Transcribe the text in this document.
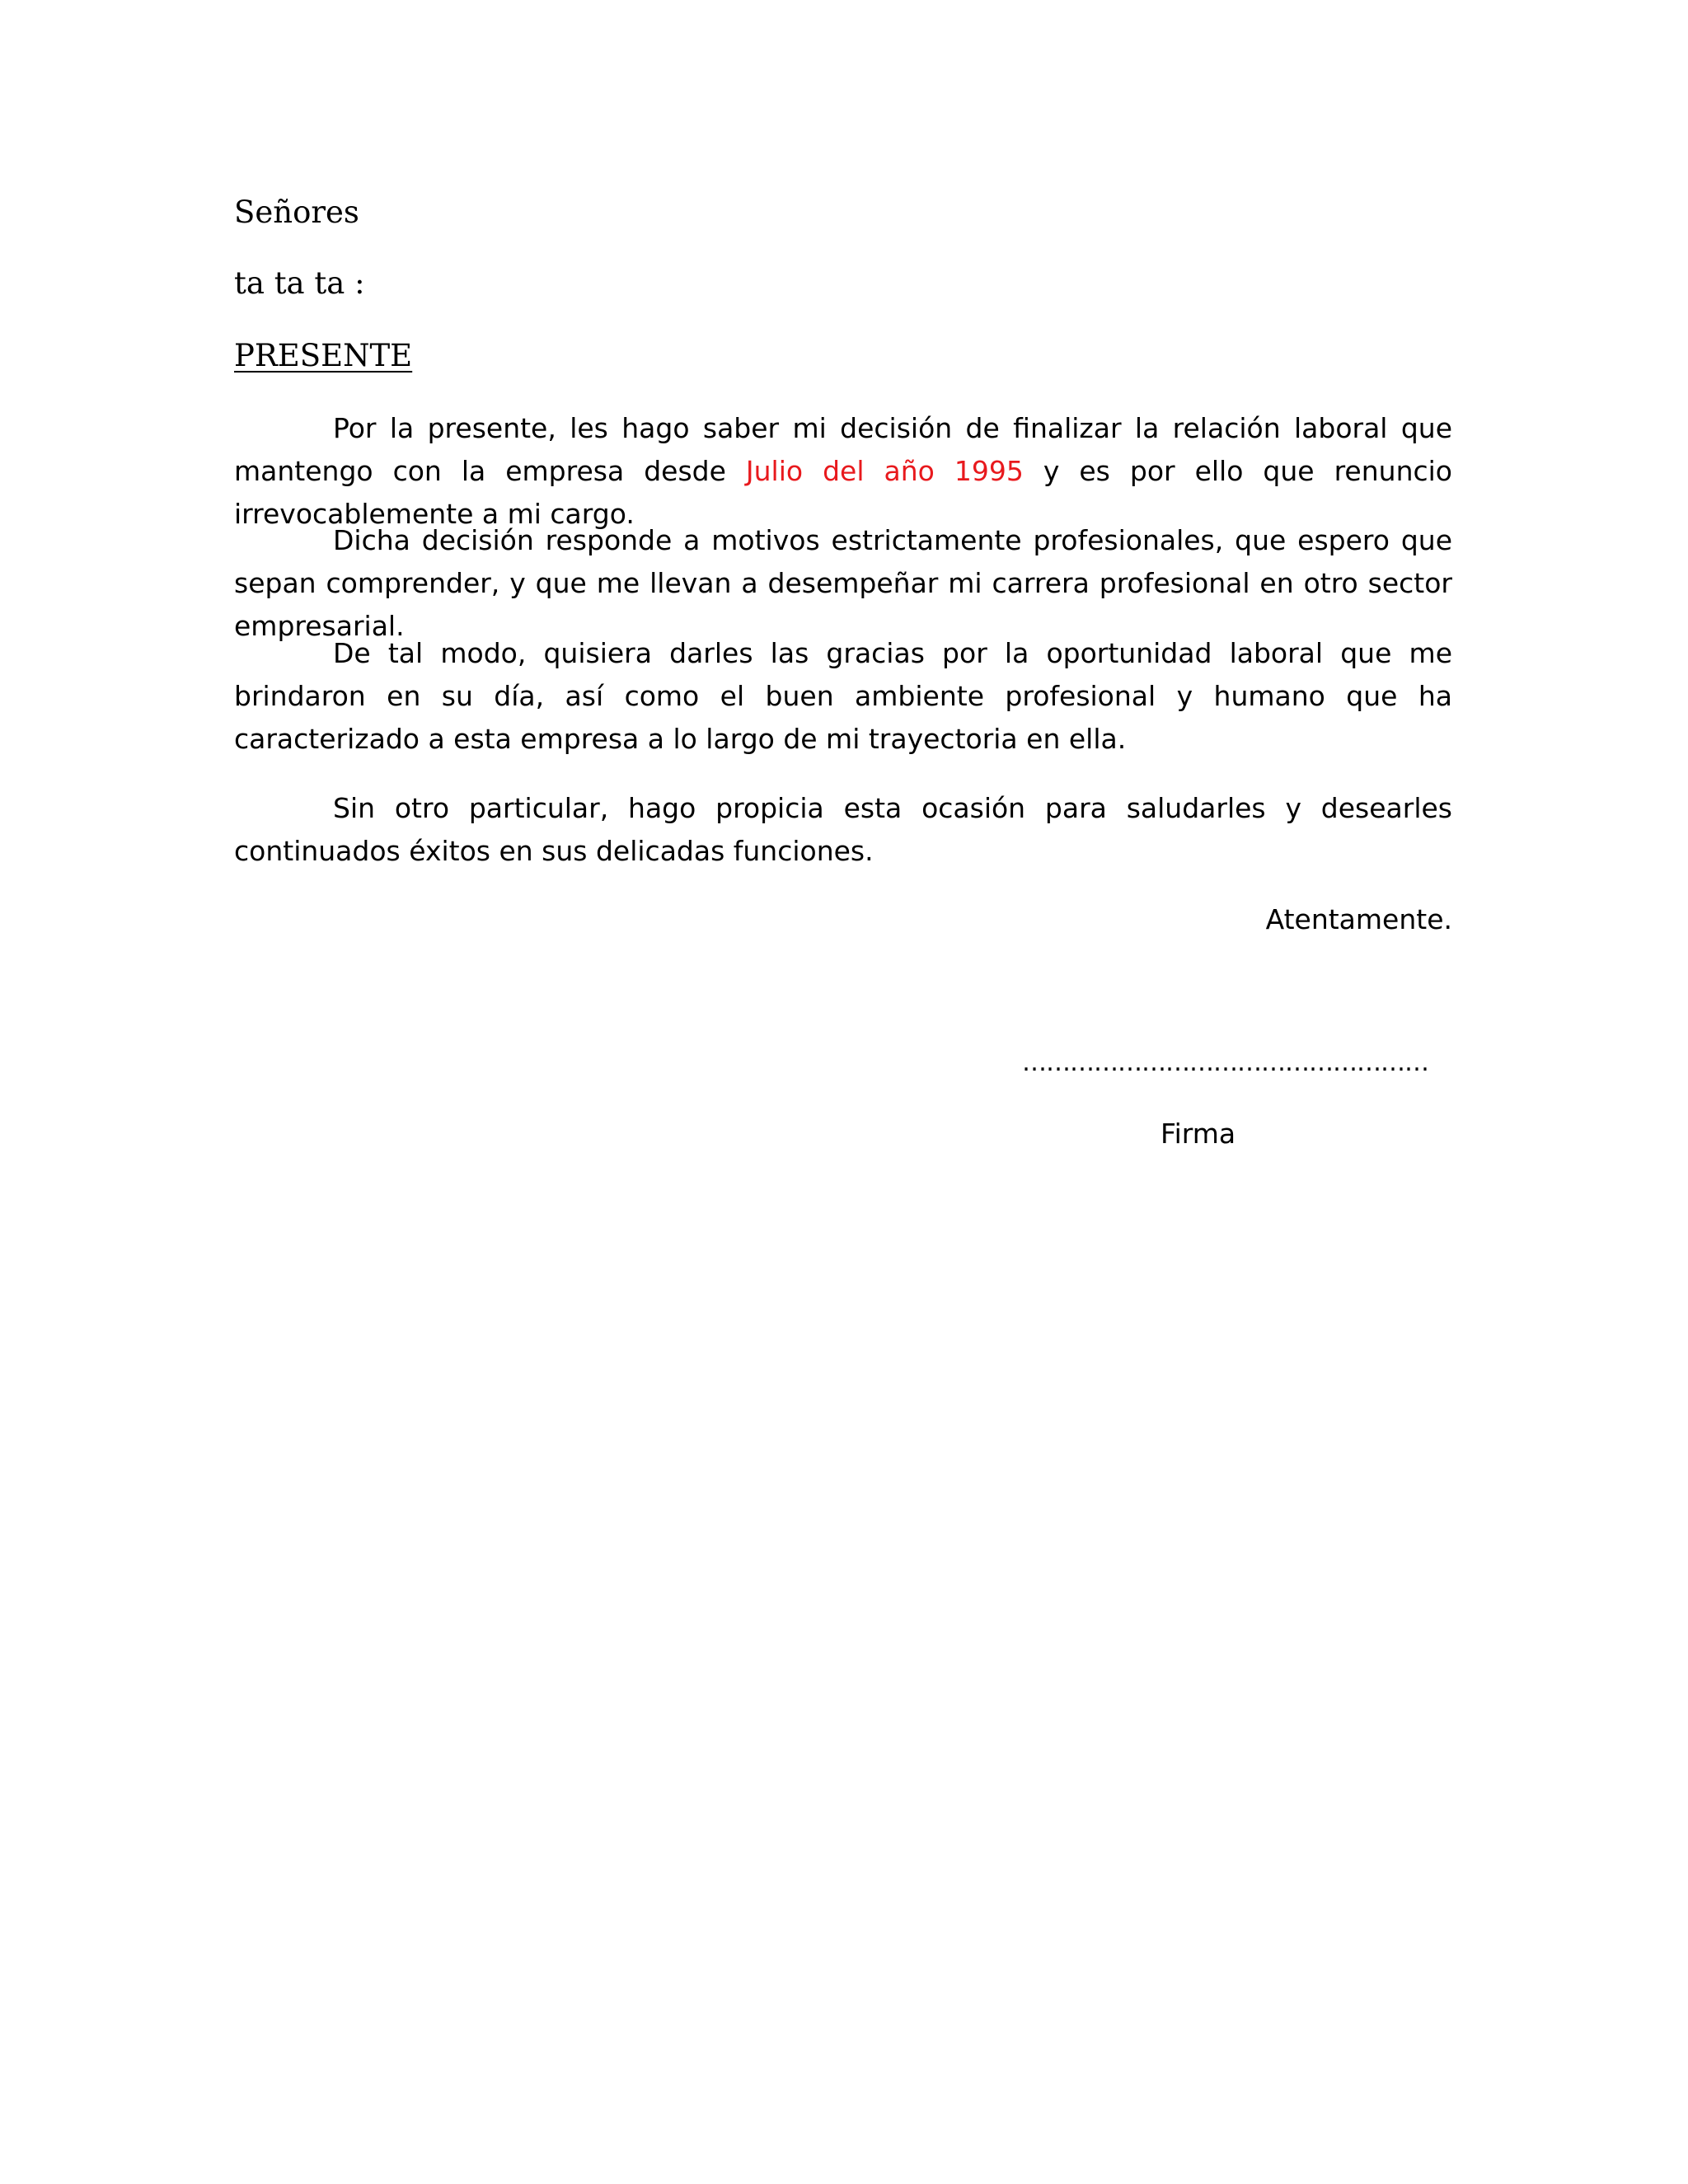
Señores
ta ta ta :
PRESENTE

Por la presente, les hago saber mi decisión de finalizar la relación laboral que mantengo con la empresa desde Julio del año 1995 y es por ello que renuncio irrevocablemente a mi cargo.

Dicha decisión responde a motivos estrictamente profesionales, que espero que sepan comprender, y que me llevan a desempeñar mi carrera profesional en otro sector empresarial.

De tal modo, quisiera darles las gracias por la oportunidad laboral que me brindaron en su día, así como el buen ambiente profesional y humano que ha caracterizado a esta empresa a lo largo de mi trayectoria en ella.

Sin otro particular, hago propicia esta ocasión para saludarles y desearles continuados éxitos en sus delicadas funciones.

Atentamente.
……………………………………………
Firma
